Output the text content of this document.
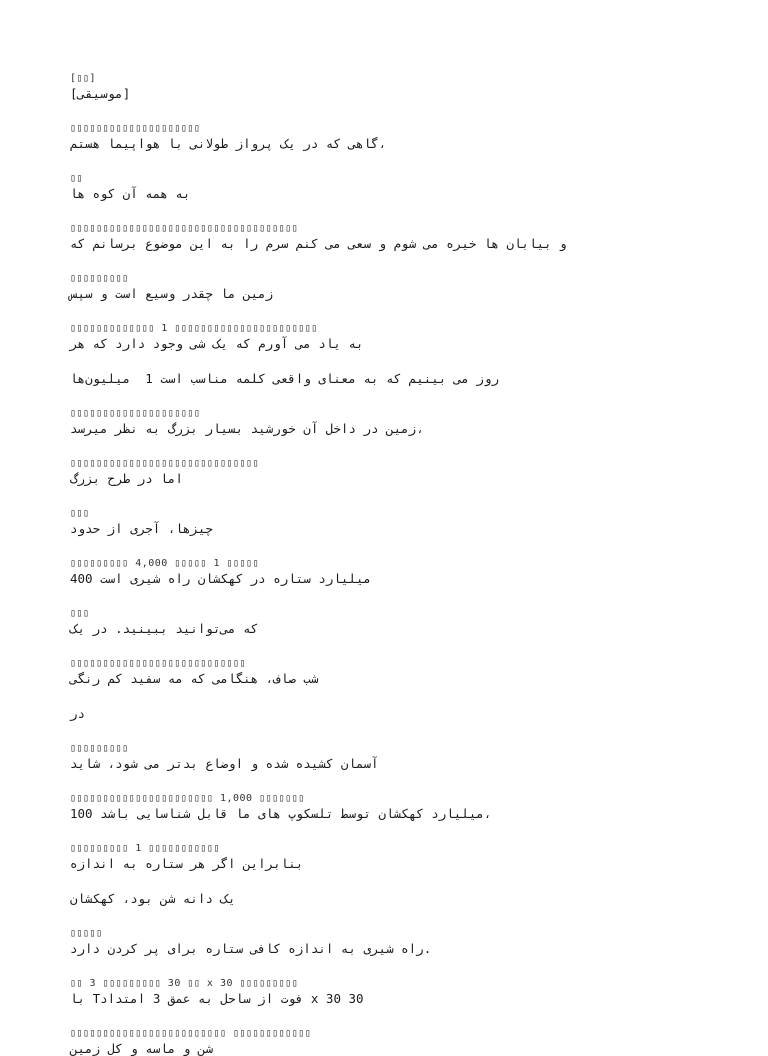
[▯▯]
[موسیقی]
▯▯▯▯▯▯▯▯▯▯▯▯▯▯▯▯▯▯▯▯
گاهی که در یک پرواز طولانی با هواپیما هستم،
▯▯
به همه آن کوه ها
▯▯▯▯▯▯▯▯▯▯▯▯▯▯▯▯▯▯▯▯▯▯▯▯▯▯▯▯▯▯▯▯▯▯▯
و بیابان ها خیره می شوم و سعی می کنم سرم را به این موضوع برسانم که
▯▯▯▯▯▯▯▯▯
زمین ما چقدر وسیع است و سپس
▯▯▯▯▯▯▯▯▯▯▯▯▯ 1 ▯▯▯▯▯▯▯▯▯▯▯▯▯▯▯▯▯▯▯▯▯▯
به یاد می آورم که یک شی وجود دارد که هر
روز می بینیم که به معنای واقعی کلمه مناسب است 1  میلیون‌ها
▯▯▯▯▯▯▯▯▯▯▯▯▯▯▯▯▯▯▯▯
زمین در داخل آن خورشید بسیار بزرگ به نظر میرسد،
▯▯▯▯▯▯▯▯▯▯▯▯▯▯▯▯▯▯▯▯▯▯▯▯▯▯▯▯▯
اما در طرح بزرگ
▯▯▯
چیزها، آجری از حدود
▯▯▯▯▯▯▯▯▯ 4,000 ▯▯▯▯▯ 1 ▯▯▯▯▯
میلیارد ستاره در کهکشان راه شیری است 400
▯▯▯
که می‌توانید ببینید. در یک
▯▯▯▯▯▯▯▯▯▯▯▯▯▯▯▯▯▯▯▯▯▯▯▯▯▯▯
شب صاف، هنگامی که مه سفید کم رنگی
در
▯▯▯▯▯▯▯▯▯
آسمان کشیده شده و اوضاع بدتر می شود، شاید
▯▯▯▯▯▯▯▯▯▯▯▯▯▯▯▯▯▯▯▯▯▯ 1,000 ▯▯▯▯▯▯▯
میلیارد کهکشان توسط تلسکوپ های ما قابل شناسایی باشد 100،
▯▯▯▯▯▯▯▯▯ 1 ▯▯▯▯▯▯▯▯▯▯▯
بنابراین اگر هر ستاره به اندازه
یک دانه شن بود، کهکشان
▯▯▯▯▯
راه شیری به اندازه کافی ستاره برای پر کردن دارد.
▯▯ 3 ▯▯▯▯▯▯▯▯▯ 30 ▯▯ x 30 ▯▯▯▯▯▯▯▯▯
با Tفوت از ساحل به عمق 3 امتداد x 30 30
▯▯▯▯▯▯▯▯▯▯▯▯▯▯▯▯▯▯▯▯▯▯▯▯ ▯▯▯▯▯▯▯▯▯▯▯▯
شن و ماسه و کل زمین
